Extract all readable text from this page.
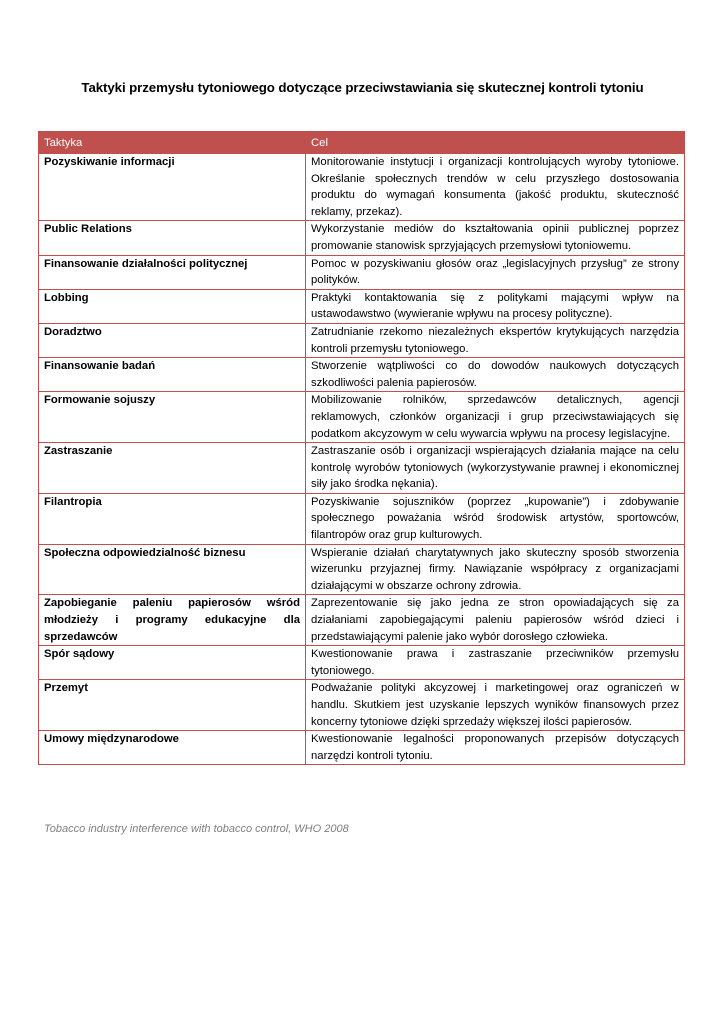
Taktyki przemysłu tytoniowego dotyczące przeciwstawiania się skutecznej kontroli tytoniu
Taktyka	Cel
Pozyskiwanie informacji	Monitorowanie instytucji i organizacji kontrolujących wyroby tytoniowe. Określanie społecznych trendów w celu przyszłego dostosowania produktu do wymagań konsumenta (jakość produktu, skuteczność reklamy, przekaz).
Public Relations	Wykorzystanie mediów do kształtowania opinii publicznej poprzez promowanie stanowisk sprzyjających przemysłowi tytoniowemu.
Finansowanie działalności politycznej	Pomoc w pozyskiwaniu głosów oraz „legislacyjnych przysług” ze strony polityków.
Lobbing	Praktyki kontaktowania się z politykami mającymi wpływ na ustawodawstwo (wywieranie wpływu na procesy polityczne).
Doradztwo	Zatrudnianie rzekomo niezależnych ekspertów krytykujących narzędzia kontroli przemysłu tytoniowego.
Finansowanie badań	Stworzenie wątpliwości co do dowodów naukowych dotyczących szkodliwości palenia papierosów.
Formowanie sojuszy	Mobilizowanie rolników, sprzedawców detalicznych, agencji reklamowych, członków organizacji i grup przeciwstawiających się podatkom akcyzowym w celu wywarcia wpływu na procesy legislacyjne.
Zastraszanie	Zastraszanie osób i organizacji wspierających działania mające na celu kontrolę wyrobów tytoniowych (wykorzystywanie prawnej i ekonomicznej siły jako środka nękania).
Filantropia	Pozyskiwanie sojuszników (poprzez „kupowanie”) i zdobywanie społecznego poważania wśród środowisk artystów, sportowców, filantropów oraz grup kulturowych.
Społeczna odpowiedzialność biznesu	Wspieranie działań charytatywnych jako skuteczny sposób stworzenia wizerunku przyjaznej firmy. Nawiązanie współpracy z organizacjami działającymi w obszarze ochrony zdrowia.
Zapobieganie paleniu papierosów wśród młodzieży i programy edukacyjne dla sprzedawców	Zaprezentowanie się jako jedna ze stron opowiadających się za działaniami zapobiegającymi paleniu papierosów wśród dzieci i przedstawiającymi palenie jako wybór dorosłego człowieka.
Spór sądowy	Kwestionowanie prawa i zastraszanie przeciwników przemysłu tytoniowego.
Przemyt	Podważanie polityki akcyzowej i marketingowej oraz ograniczeń w handlu. Skutkiem jest uzyskanie lepszych wyników finansowych przez koncerny tytoniowe dzięki sprzedaży większej ilości papierosów.
Umowy międzynarodowe	Kwestionowanie legalności proponowanych przepisów dotyczących narzędzi kontroli tytoniu.
Tobacco industry interference with tobacco control, WHO 2008
